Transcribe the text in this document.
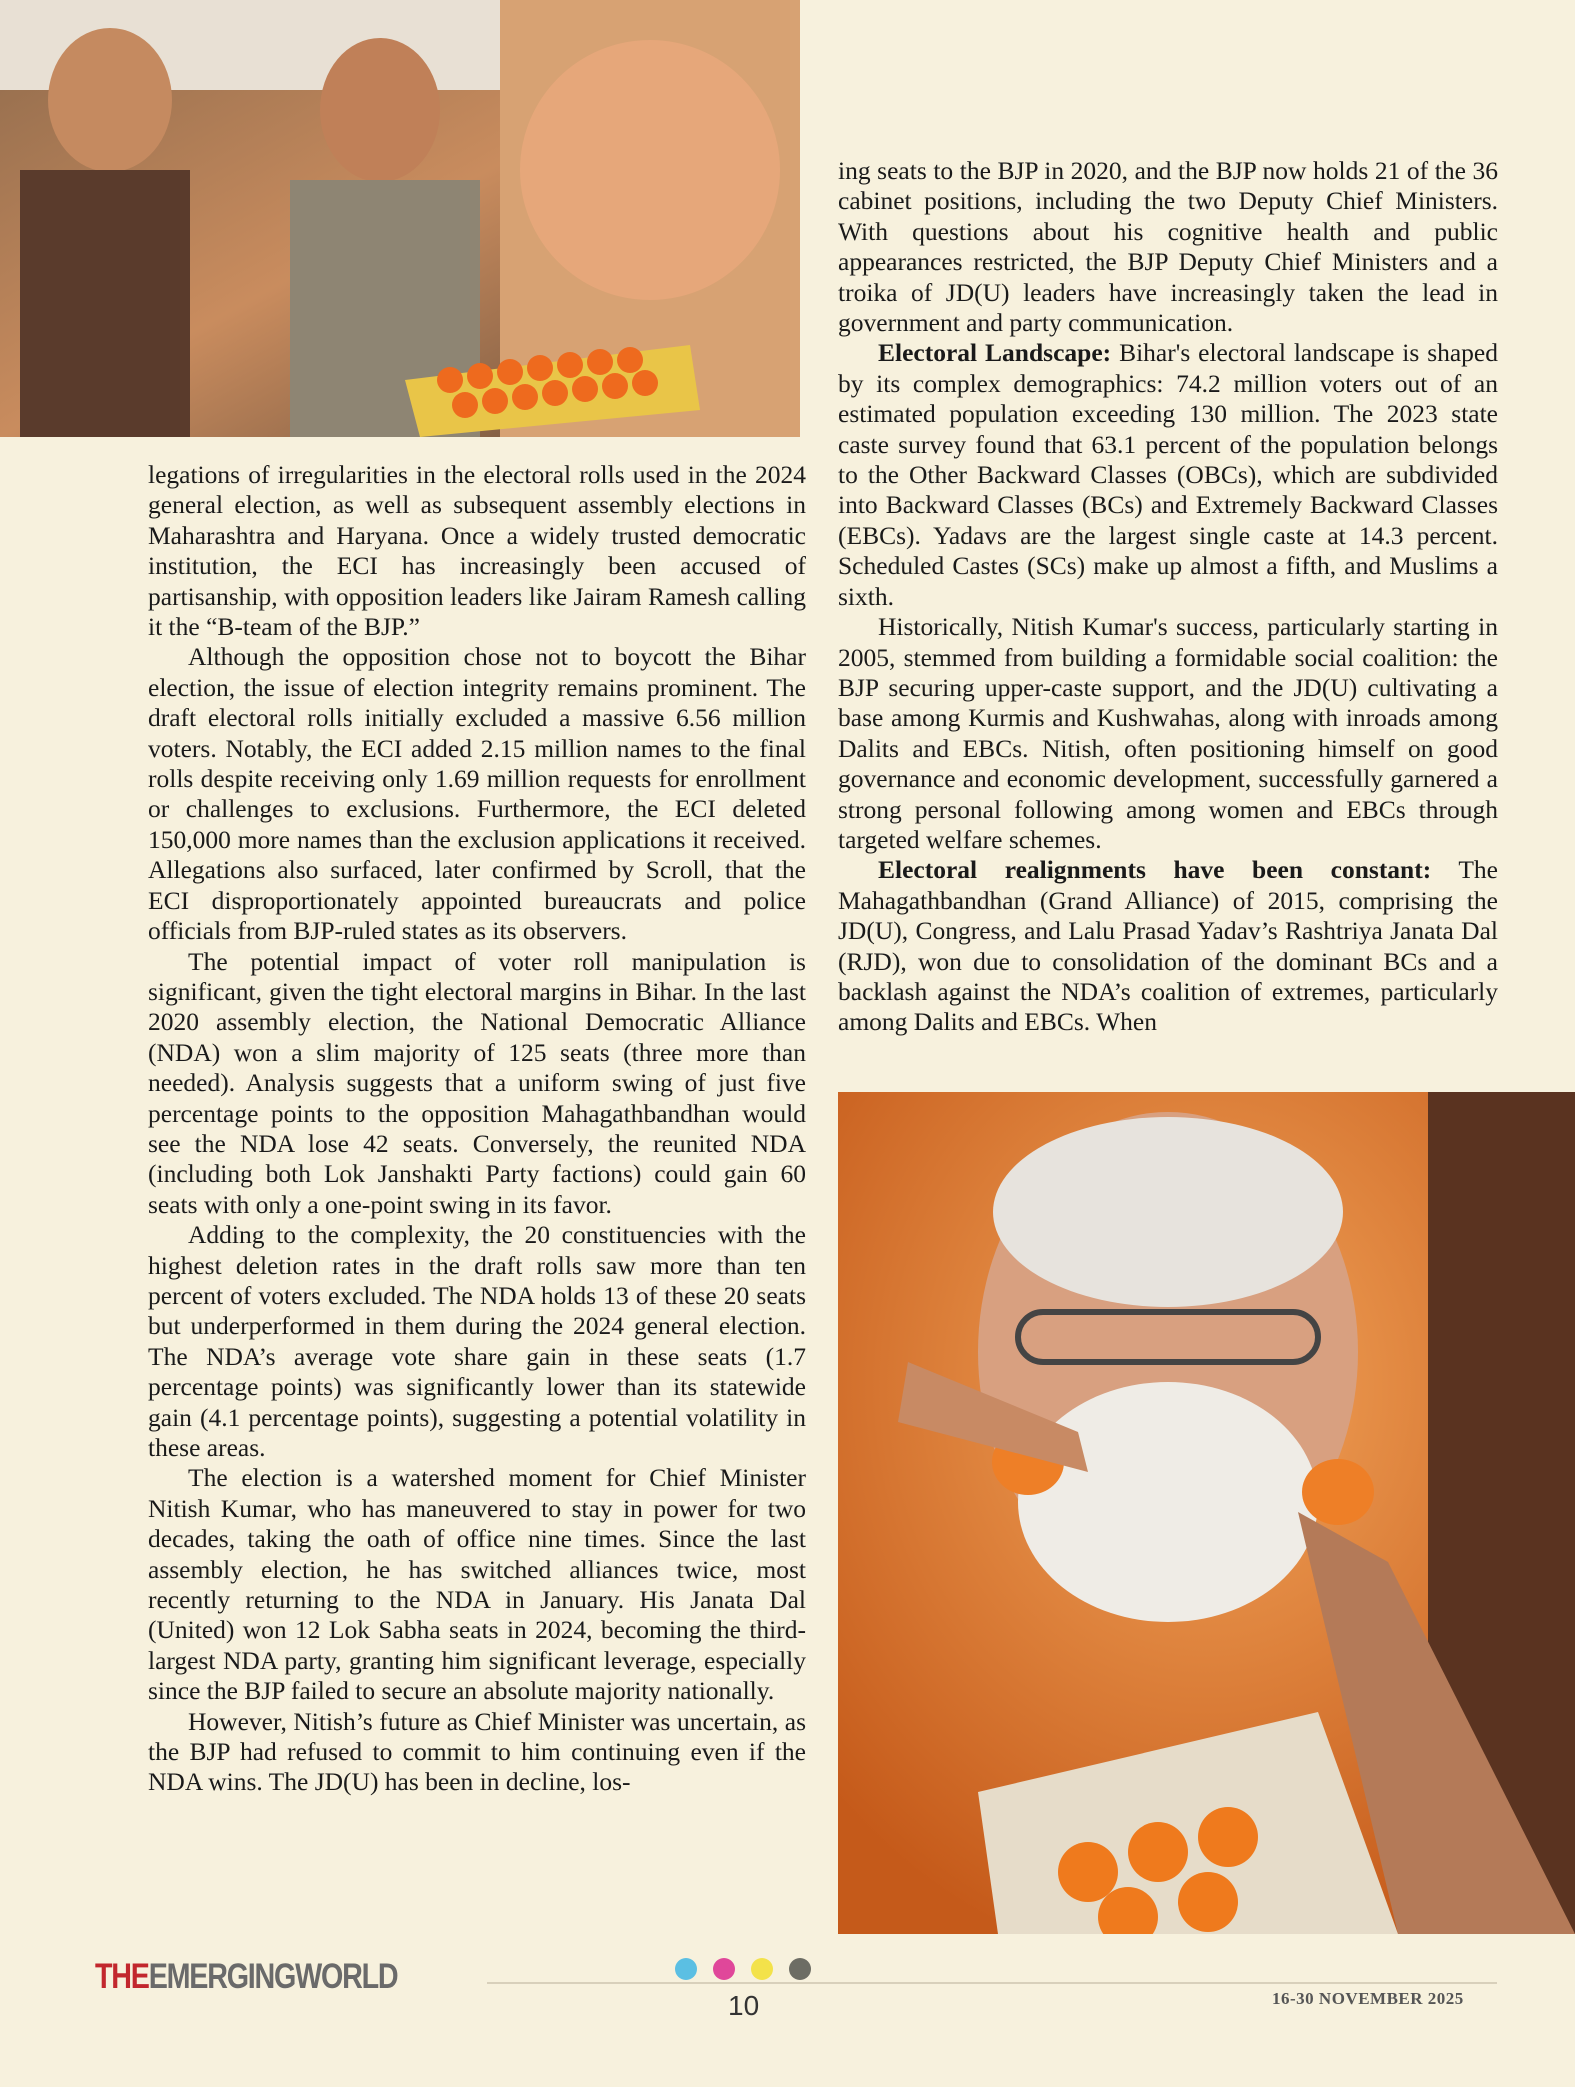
legations of irregularities in the electoral rolls used in the 2024 general election, as well as subsequent assembly elections in Maharashtra and Haryana. Once a widely trusted democratic institution, the ECI has increasingly been accused of partisanship, with opposition leaders like Jairam Ramesh calling it the “B-team of the BJP.”

Although the opposition chose not to boycott the Bihar election, the issue of election integrity remains prominent. The draft electoral rolls initially excluded a massive 6.56 million voters. Notably, the ECI added 2.15 million names to the final rolls despite receiving only 1.69 million requests for enrollment or challenges to exclusions. Furthermore, the ECI deleted 150,000 more names than the exclusion applications it received. Allegations also surfaced, later confirmed by Scroll, that the ECI disproportionately appointed bureaucrats and police officials from BJP-ruled states as its observers.

The potential impact of voter roll manipulation is significant, given the tight electoral margins in Bihar. In the last 2020 assembly election, the National Democratic Alliance (NDA) won a slim majority of 125 seats (three more than needed). Analysis suggests that a uniform swing of just five percentage points to the opposition Mahagathbandhan would see the NDA lose 42 seats. Conversely, the reunited NDA (including both Lok Janshakti Party factions) could gain 60 seats with only a one-point swing in its favor.

Adding to the complexity, the 20 constituencies with the highest deletion rates in the draft rolls saw more than ten percent of voters excluded. The NDA holds 13 of these 20 seats but underperformed in them during the 2024 general election. The NDA’s average vote share gain in these seats (1.7 percentage points) was significantly lower than its statewide gain (4.1 percentage points), suggesting a potential volatility in these areas.

The election is a watershed moment for Chief Minister Nitish Kumar, who has maneuvered to stay in power for two decades, taking the oath of office nine times. Since the last assembly election, he has switched alliances twice, most recently returning to the NDA in January. His Janata Dal (United) won 12 Lok Sabha seats in 2024, becoming the third-largest NDA party, granting him significant leverage, especially since the BJP failed to secure an absolute majority nationally.

However, Nitish’s future as Chief Minister was uncertain, as the BJP had refused to commit to him continuing even if the NDA wins. The JD(U) has been in decline, los-

ing seats to the BJP in 2020, and the BJP now holds 21 of the 36 cabinet positions, including the two Deputy Chief Ministers. With questions about his cognitive health and public appearances restricted, the BJP Deputy Chief Ministers and a troika of JD(U) leaders have increasingly taken the lead in government and party communication.

Electoral Landscape: Bihar's electoral landscape is shaped by its complex demographics: 74.2 million voters out of an estimated population exceeding 130 million. The 2023 state caste survey found that 63.1 percent of the population belongs to the Other Backward Classes (OBCs), which are subdivided into Backward Classes (BCs) and Extremely Backward Classes (EBCs). Yadavs are the largest single caste at 14.3 percent. Scheduled Castes (SCs) make up almost a fifth, and Muslims a sixth.

Historically, Nitish Kumar's success, particularly starting in 2005, stemmed from building a formidable social coalition: the BJP securing upper-caste support, and the JD(U) cultivating a base among Kurmis and Kushwahas, along with inroads among Dalits and EBCs. Nitish, often positioning himself on good governance and economic development, successfully garnered a strong personal following among women and EBCs through targeted welfare schemes.

Electoral realignments have been constant: The Mahagathbandhan (Grand Alliance) of 2015, comprising the JD(U), Congress, and Lalu Prasad Yadav’s Rashtriya Janata Dal (RJD), won due to consolidation of the dominant BCs and a backlash against the NDA’s coalition of extremes, particularly among Dalits and EBCs. When

THEEMERGINGWORLD
10	16-30 NOVEMBER 2025
